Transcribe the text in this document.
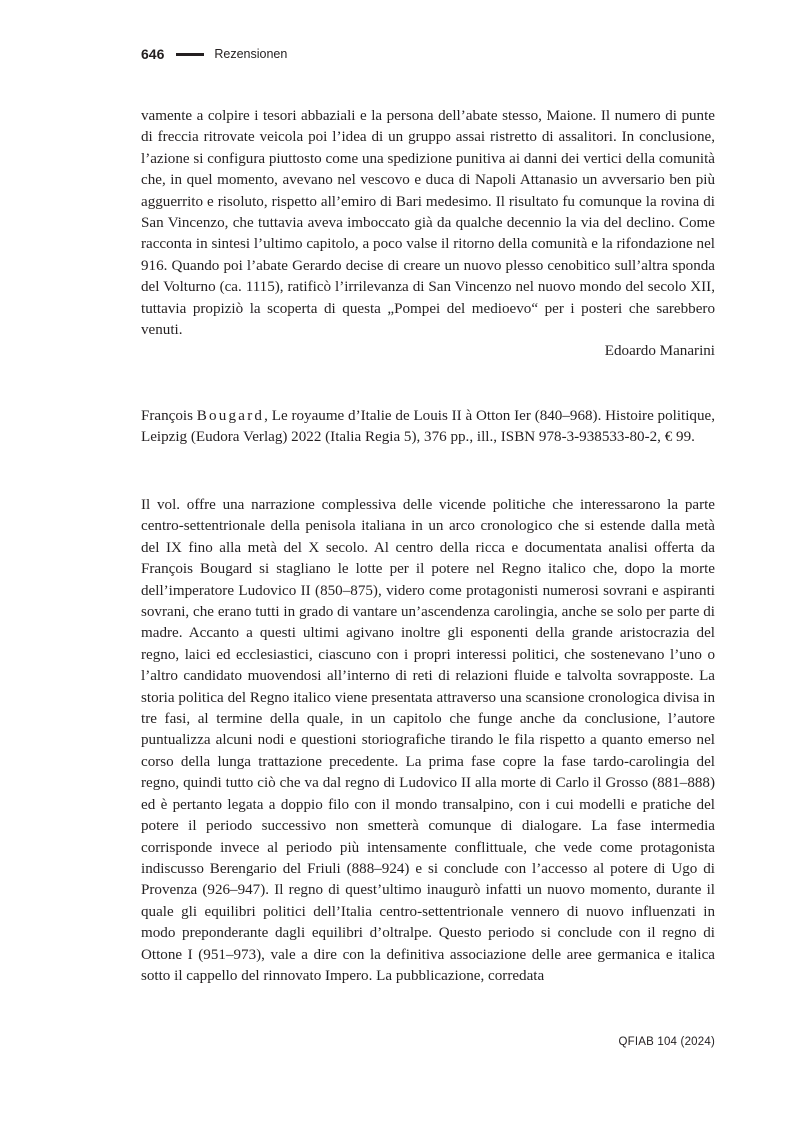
646	Rezensionen

vamente a colpire i tesori abbaziali e la persona dell’abate stesso, Maione. Il numero di punte di freccia ritrovate veicola poi l’idea di un gruppo assai ristretto di assalitori. In conclusione, l’azione si configura piuttosto come una spedizione punitiva ai danni dei vertici della comunità che, in quel momento, avevano nel vescovo e duca di Napoli Attanasio un avversario ben più agguerrito e risoluto, rispetto all’emiro di Bari medesimo. Il risultato fu comunque la rovina di San Vincenzo, che tuttavia aveva imboccato già da qualche decennio la via del declino. Come racconta in sintesi l’ultimo capitolo, a poco valse il ritorno della comunità e la rifondazione nel 916. Quando poi l’abate Gerardo decise di creare un nuovo plesso cenobitico sull’altra sponda del Volturno (ca. 1115), ratificò l’irrilevanza di San Vincenzo nel nuovo mondo del secolo XII, tuttavia propiziò la scoperta di questa „Pompei del medioevo“ per i posteri che sarebbero venuti.

Edoardo Manarini

François Bougard, Le royaume d’Italie de Louis II à Otton Ier (840–968). Histoire politique, Leipzig (Eudora Verlag) 2022 (Italia Regia 5), 376 pp., ill., ISBN 978-3-938533-80-2, € 99.

Il vol. offre una narrazione complessiva delle vicende politiche che interessarono la parte centro-settentrionale della penisola italiana in un arco cronologico che si estende dalla metà del IX fino alla metà del X secolo. Al centro della ricca e documentata analisi offerta da François Bougard si stagliano le lotte per il potere nel Regno italico che, dopo la morte dell’imperatore Ludovico II (850–875), videro come protagonisti numerosi sovrani e aspiranti sovrani, che erano tutti in grado di vantare un’ascendenza carolingia, anche se solo per parte di madre. Accanto a questi ultimi agivano inoltre gli esponenti della grande aristocrazia del regno, laici ed ecclesiastici, ciascuno con i propri interessi politici, che sostenevano l’uno o l’altro candidato muovendosi all’interno di reti di relazioni fluide e talvolta sovrapposte. La storia politica del Regno italico viene presentata attraverso una scansione cronologica divisa in tre fasi, al termine della quale, in un capitolo che funge anche da conclusione, l’autore puntualizza alcuni nodi e questioni storiografiche tirando le fila rispetto a quanto emerso nel corso della lunga trattazione precedente. La prima fase copre la fase tardo-carolingia del regno, quindi tutto ciò che va dal regno di Ludovico II alla morte di Carlo il Grosso (881–888) ed è pertanto legata a doppio filo con il mondo transalpino, con i cui modelli e pratiche del potere il periodo successivo non smetterà comunque di dialogare. La fase intermedia corrisponde invece al periodo più intensamente conflittuale, che vede come protagonista indiscusso Berengario del Friuli (888–924) e si conclude con l’accesso al potere di Ugo di Provenza (926–947). Il regno di quest’ultimo inaugurò infatti un nuovo momento, durante il quale gli equilibri politici dell’Italia centro-settentrionale vennero di nuovo influenzati in modo preponderante dagli equilibri d’oltralpe. Questo periodo si conclude con il regno di Ottone I (951–973), vale a dire con la definitiva associazione delle aree germanica e italica sotto il cappello del rinnovato Impero. La pubblicazione, corredata

QFIAB 104 (2024)
